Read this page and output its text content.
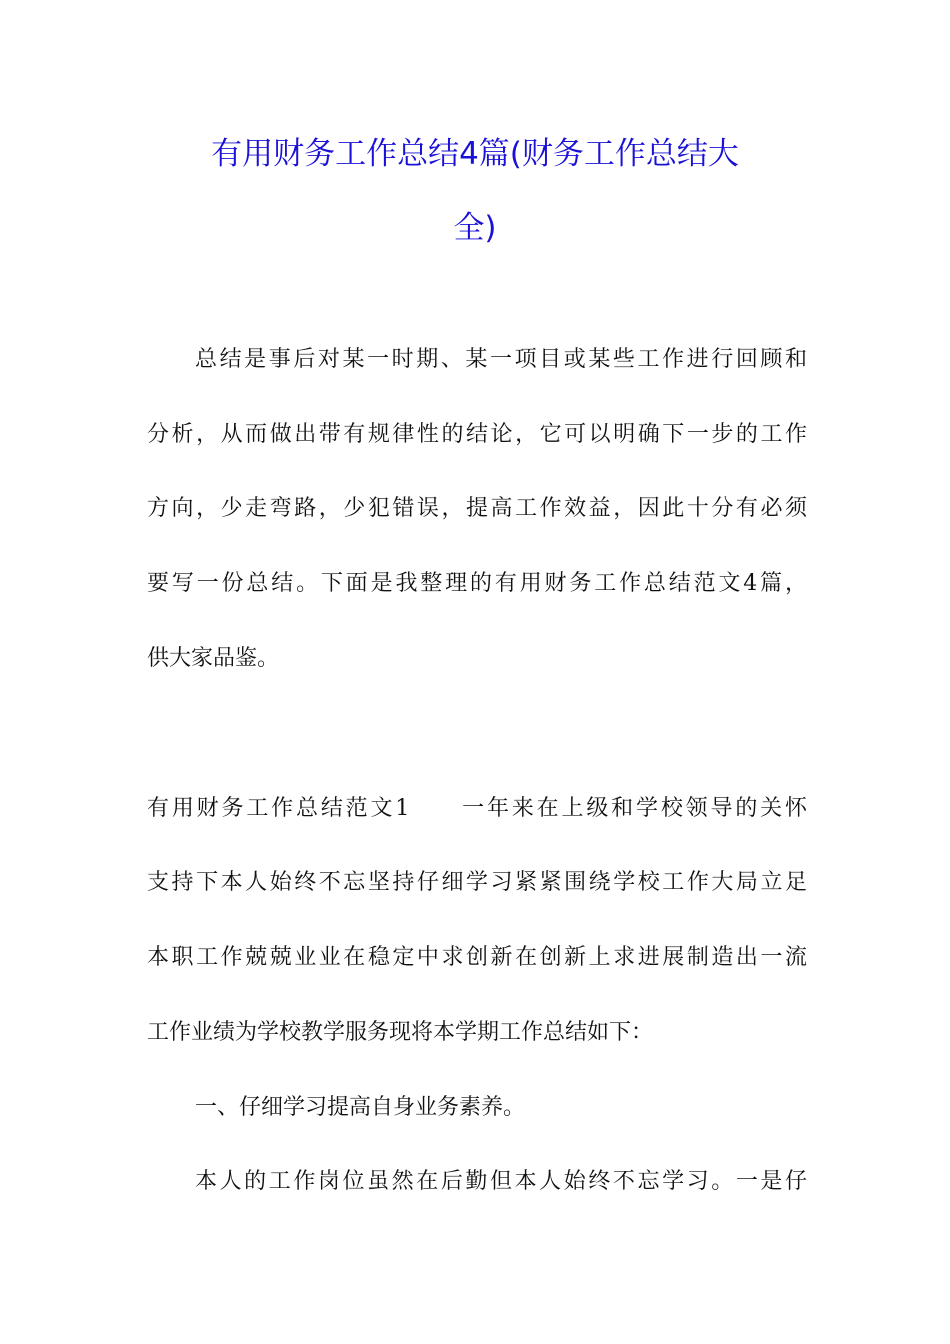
有用财务工作总结4篇(财务工作总结大
全)
总结是事后对某一时期、某一项目或某些工作进行回顾和
分析，从而做出带有规律性的结论，它可以明确下一步的工作
方向，少走弯路，少犯错误，提高工作效益，因此十分有必须
要写一份总结。下面是我整理的有用财务工作总结范文4篇，
供大家品鉴。
有用财务工作总结范文1 一年来在上级和学校领导的关怀
支持下本人始终不忘坚持仔细学习紧紧围绕学校工作大局立足
本职工作兢兢业业在稳定中求创新在创新上求进展制造出一流
工作业绩为学校教学服务现将本学期工作总结如下：
一、仔细学习提高自身业务素养。
本人的工作岗位虽然在后勤但本人始终不忘学习。一是仔
